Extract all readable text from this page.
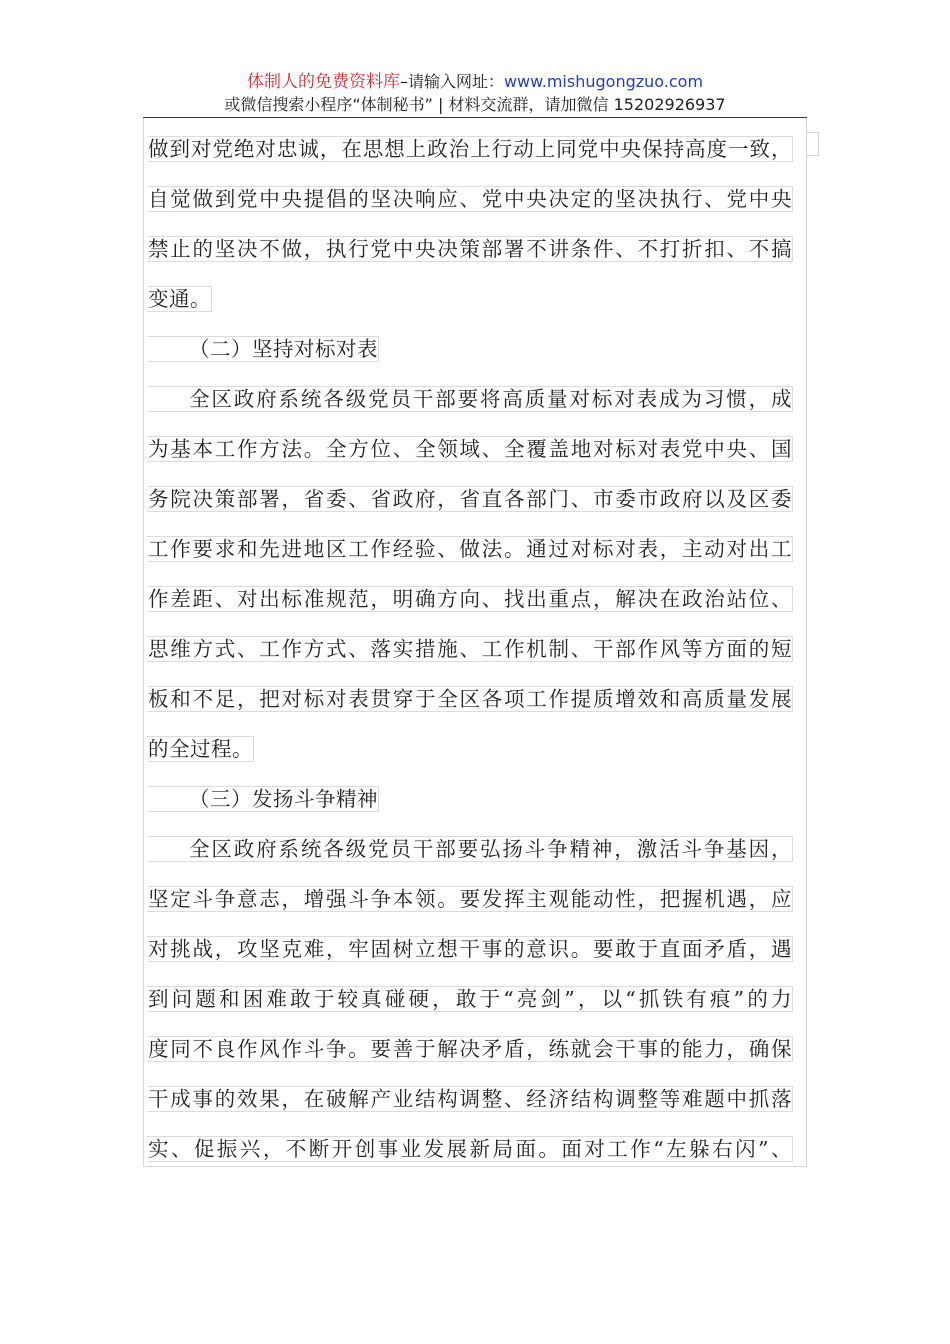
体制人的免费资料库–请输入网址：www.mishugongzuo.com
或微信搜索小程序“体制秘书” | 材料交流群，请加微信 15202926937
做到对党绝对忠诚，在思想上政治上行动上同党中央保持高度一致，
自觉做到党中央提倡的坚决响应、党中央决定的坚决执行、党中央
禁止的坚决不做，执行党中央决策部署不讲条件、不打折扣、不搞
变通。
（二）坚持对标对表
全区政府系统各级党员干部要将高质量对标对表成为习惯，成
为基本工作方法。全方位、全领域、全覆盖地对标对表党中央、国
务院决策部署，省委、省政府，省直各部门、市委市政府以及区委
工作要求和先进地区工作经验、做法。通过对标对表，主动对出工
作差距、对出标准规范，明确方向、找出重点，解决在政治站位、
思维方式、工作方式、落实措施、工作机制、干部作风等方面的短
板和不足，把对标对表贯穿于全区各项工作提质增效和高质量发展
的全过程。
（三）发扬斗争精神
全区政府系统各级党员干部要弘扬斗争精神，激活斗争基因，
坚定斗争意志，增强斗争本领。要发挥主观能动性，把握机遇，应
对挑战，攻坚克难，牢固树立想干事的意识。要敢于直面矛盾，遇
到问题和困难敢于较真碰硬，敢于“亮剑”，以“抓铁有痕”的力
度同不良作风作斗争。要善于解决矛盾，练就会干事的能力，确保
干成事的效果，在破解产业结构调整、经济结构调整等难题中抓落
实、促振兴，不断开创事业发展新局面。面对工作“左躲右闪”、
